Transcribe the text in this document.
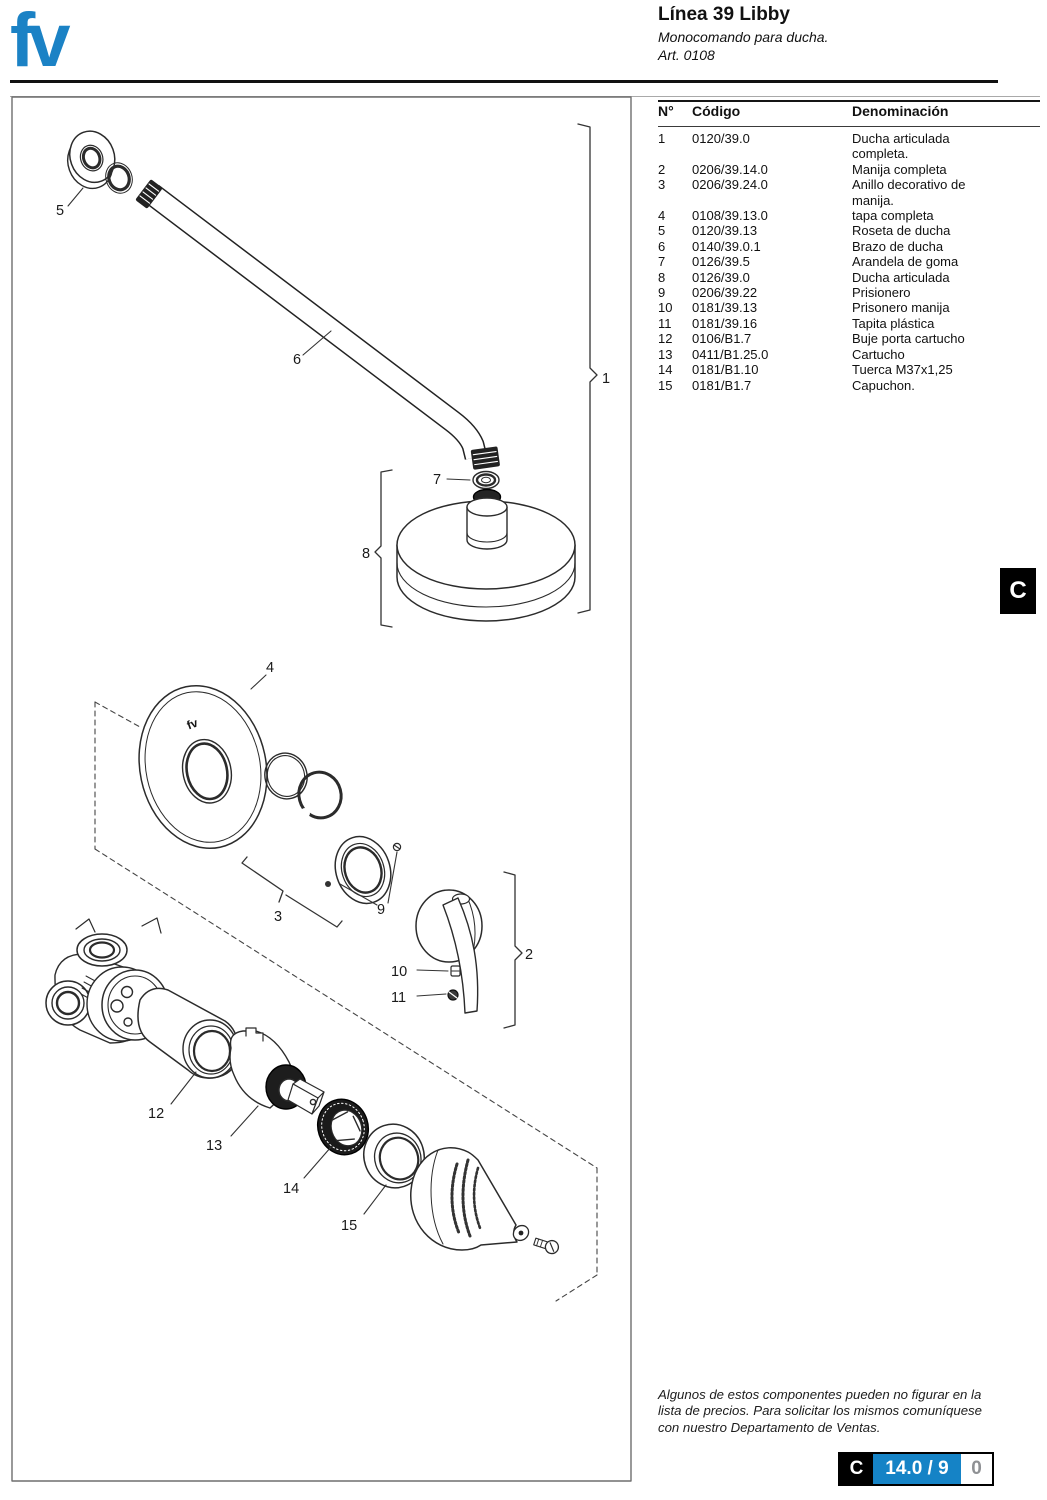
Línea 39 Libby
Monocomando para ducha.
Art. 0108
N°	Código	Denominación
1	0120/39.0	Ducha articulada completa.
2	0206/39.14.0	Manija completa
3	0206/39.24.0	Anillo decorativo de manija.
4	0108/39.13.0	tapa completa
5	0120/39.13	Roseta de ducha
6	0140/39.0.1	Brazo de ducha
7	0126/39.5	Arandela de goma
8	0126/39.0	Ducha articulada
9	0206/39.22	Prisionero
10	0181/39.13	Prisonero manija
11	0181/39.16	Tapita plástica
12	0106/B1.7	Buje porta cartucho
13	0411/B1.25.0	Cartucho
14	0181/B1.10	Tuerca M37x1,25
15	0181/B1.7	Capuchon.
fv
fv
1
2
3
4
5
6
7
8
9
10
11
12
13
14
15
C
Algunos de estos componentes pueden no figurar en la
lista de precios. Para solicitar los mismos comuníquese
con nuestro Departamento de Ventas.
C	14.0 / 9	0
